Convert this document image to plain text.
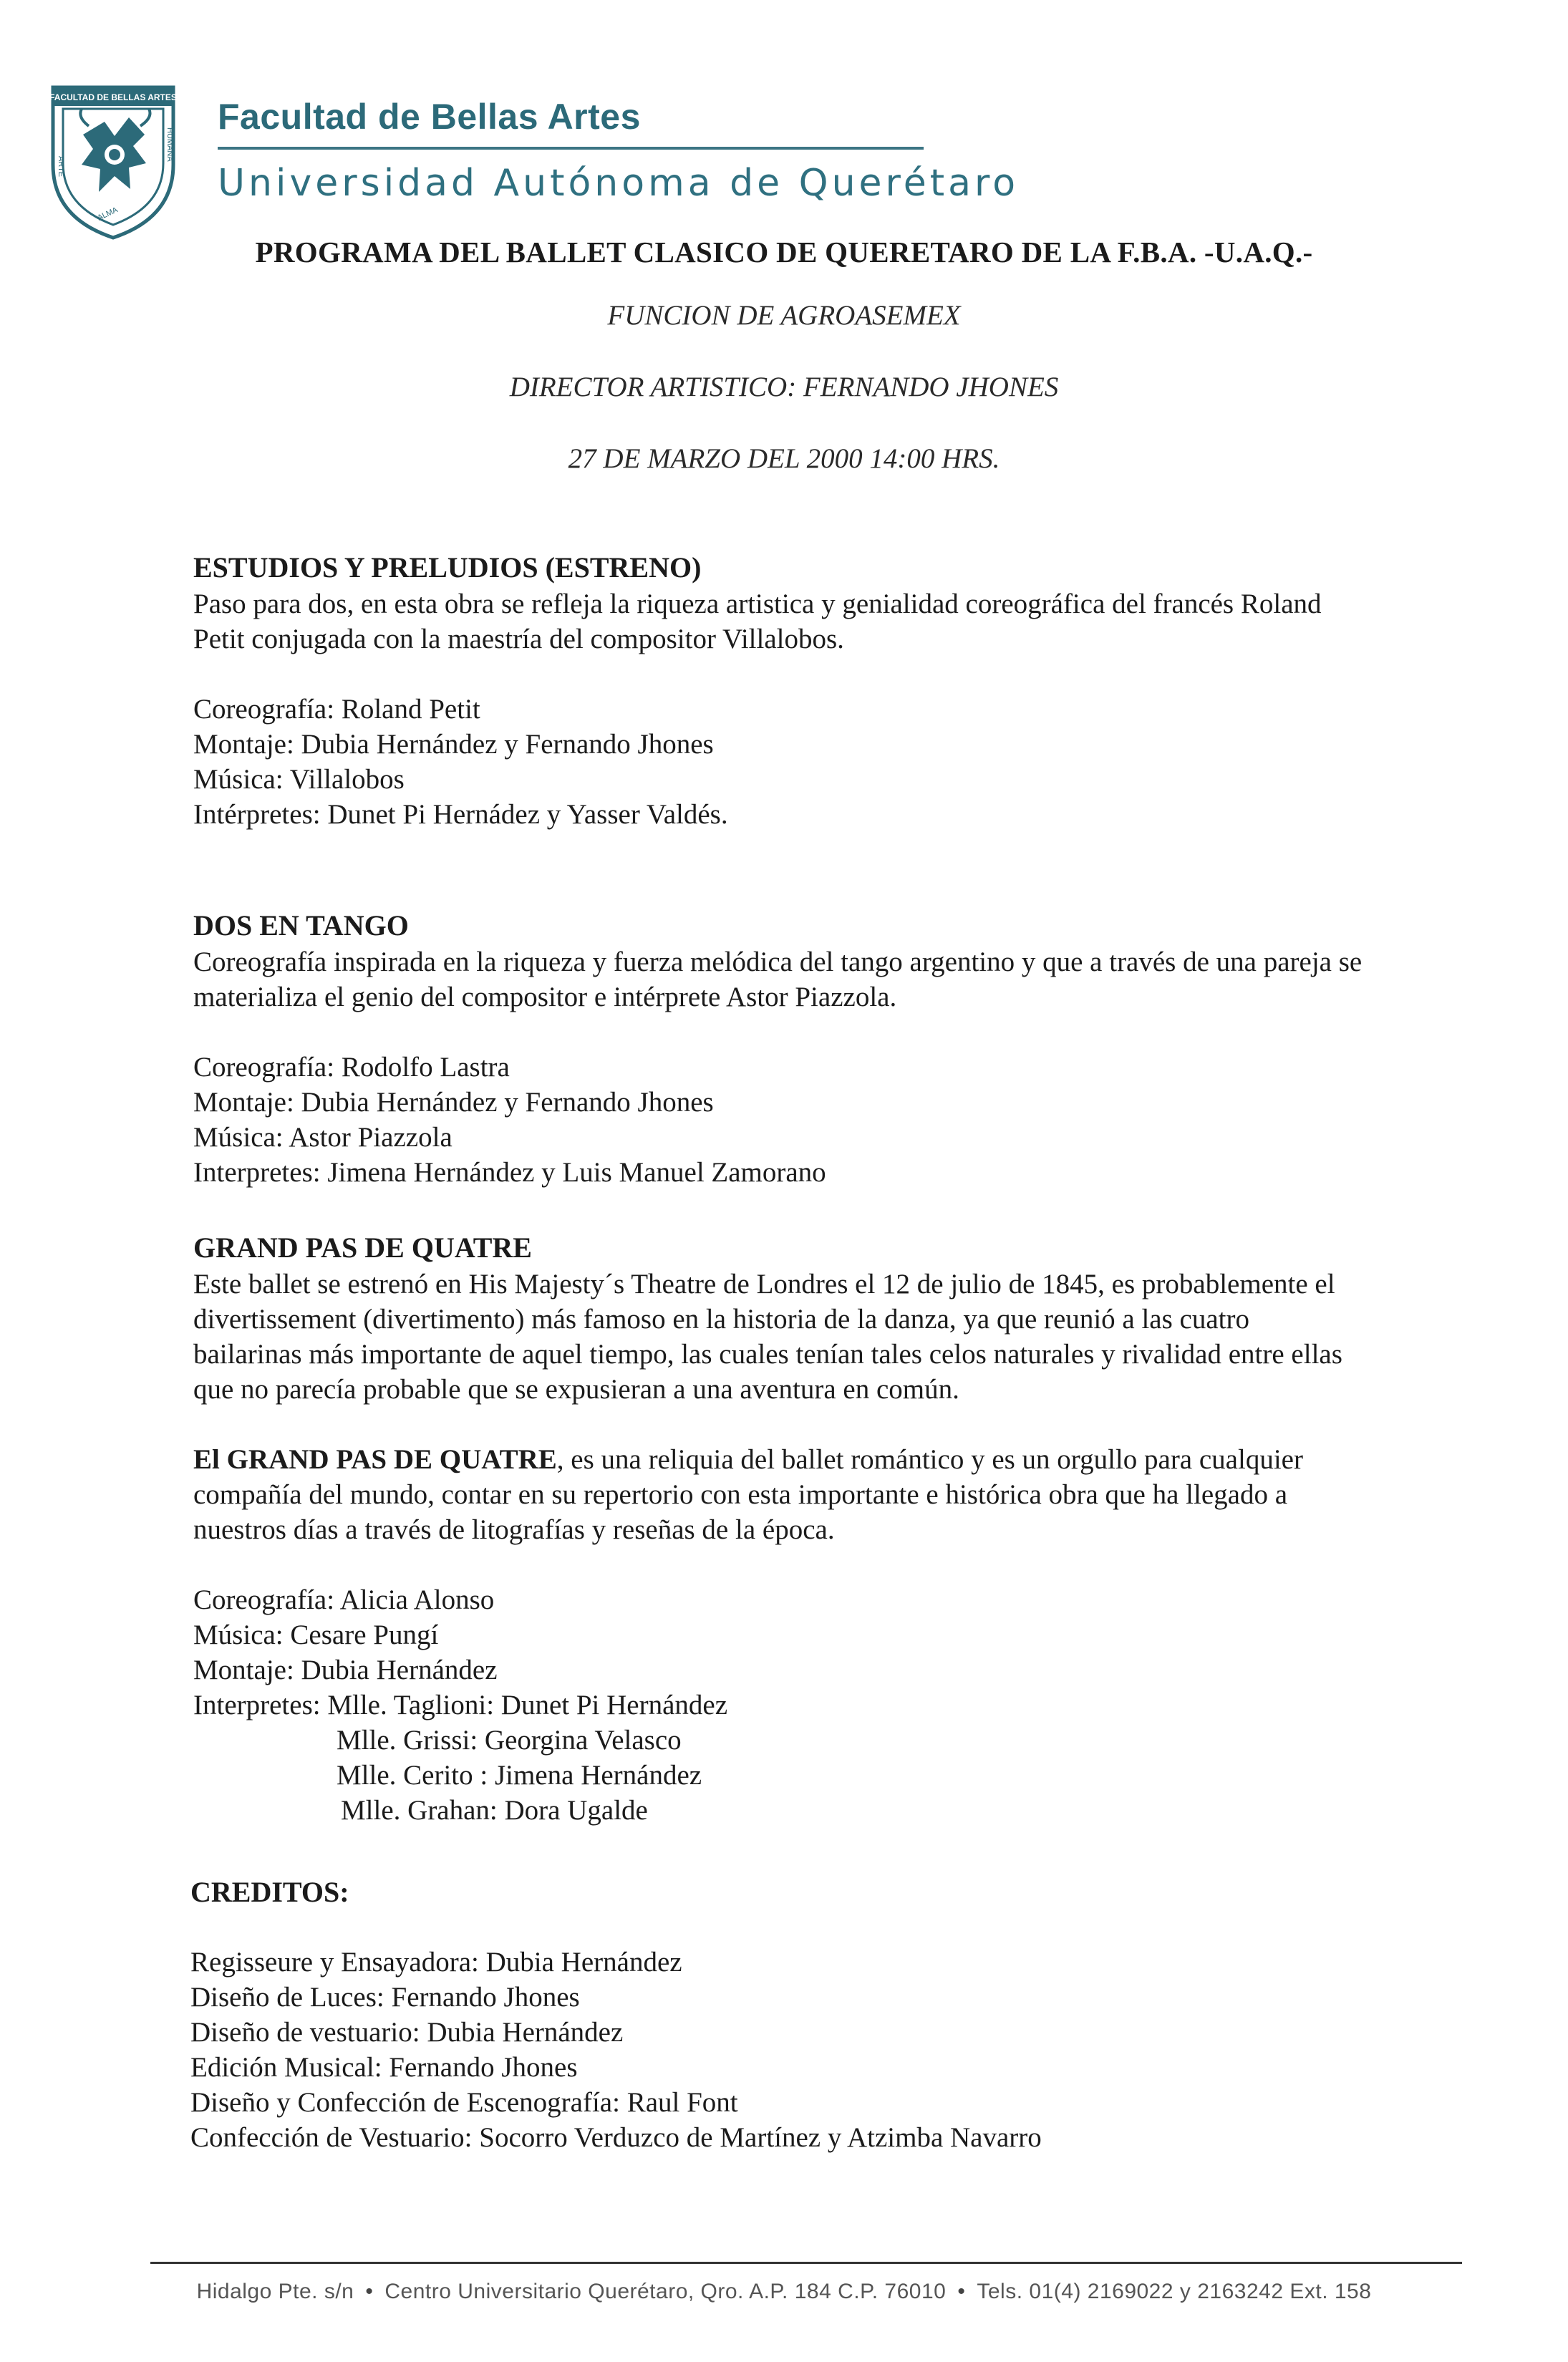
FACULTAD DE BELLAS ARTES
ARTE
HUMANA
ALMA
Facultad de Bellas Artes
Universidad Autónoma de Querétaro
PROGRAMA DEL BALLET CLASICO DE QUERETARO DE LA F.B.A. -U.A.Q.-
FUNCION DE AGROASEMEX
DIRECTOR ARTISTICO: FERNANDO JHONES
27 DE MARZO DEL 2000 14:00 HRS.
ESTUDIOS Y PRELUDIOS (ESTRENO)

Paso para dos, en esta obra se refleja la riqueza artistica y genialidad coreográfica del francés Roland
Petit conjugada con la maestría del compositor Villalobos.

Coreografía: Roland Petit
Montaje: Dubia Hernández y Fernando Jhones
Música: Villalobos
Intérpretes: Dunet Pi Hernádez y Yasser Valdés.
DOS EN TANGO

Coreografía inspirada en la riqueza y fuerza melódica del tango argentino y que a través de una pareja se
materializa el genio del compositor e intérprete Astor Piazzola.

Coreografía: Rodolfo Lastra
Montaje: Dubia Hernández y Fernando Jhones
Música: Astor Piazzola
Interpretes: Jimena Hernández y Luis Manuel Zamorano
GRAND PAS DE QUATRE

Este ballet se estrenó en His Majesty´s Theatre de Londres el 12 de julio de 1845, es probablemente el
divertissement (divertimento) más famoso en la historia de la danza, ya que reunió a las cuatro
bailarinas más importante de aquel tiempo, las cuales tenían tales celos naturales y rivalidad entre ellas
que no parecía probable que se expusieran a una aventura en común.

El GRAND PAS DE QUATRE, es una reliquia del ballet romántico y es un orgullo para cualquier
compañía del mundo, contar en su repertorio con esta importante e histórica obra que ha llegado a
nuestros días a través de litografías y reseñas de la época.

Coreografía: Alicia Alonso
Música: Cesare Pungí
Montaje: Dubia Hernández
Interpretes: Mlle. Taglioni: Dunet Pi Hernández
Mlle. Grissi: Georgina Velasco
Mlle. Cerito : Jimena Hernández
Mlle. Grahan: Dora Ugalde
CREDITOS:
Regisseure y Ensayadora: Dubia Hernández
Diseño de Luces: Fernando Jhones
Diseño de vestuario: Dubia Hernández
Edición Musical: Fernando Jhones
Diseño y Confección de Escenografía: Raul Font
Confección de Vestuario: Socorro Verduzco de Martínez y Atzimba Navarro
Hidalgo Pte. s/n • Centro Universitario Querétaro, Qro. A.P. 184 C.P. 76010 • Tels. 01(4) 2169022 y 2163242 Ext. 158
